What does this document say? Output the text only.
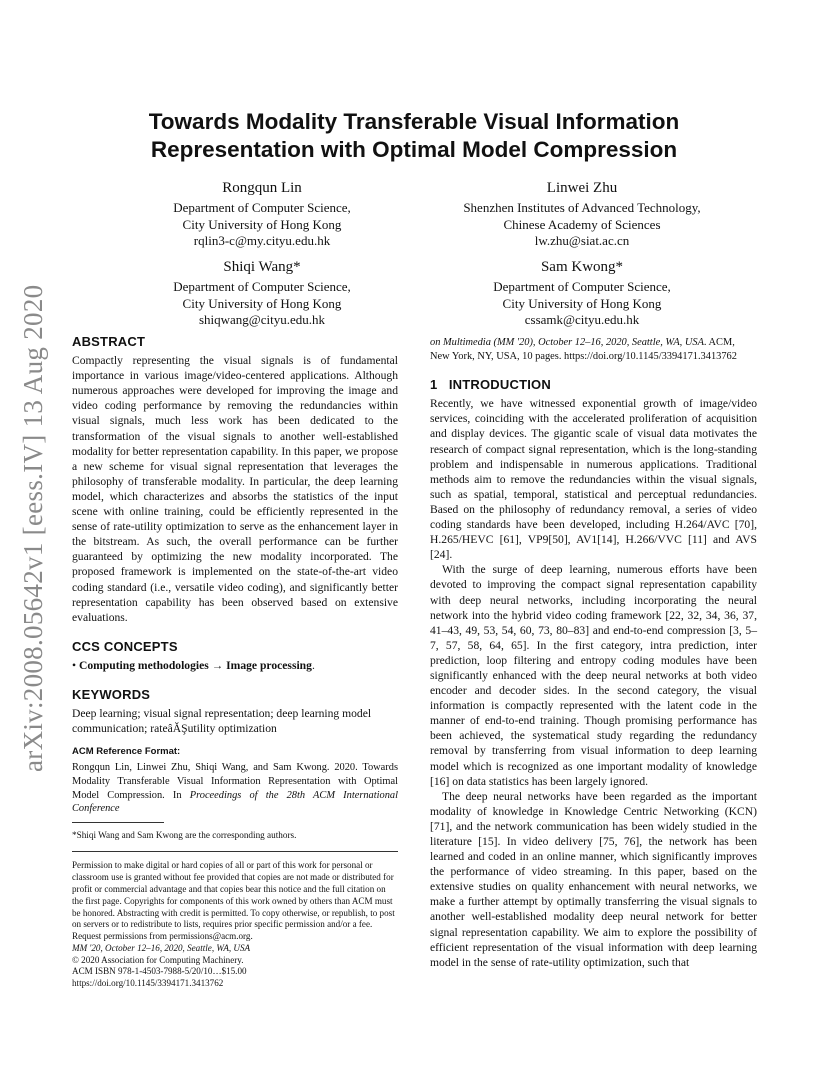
arXiv:2008.05642v1 [eess.IV] 13 Aug 2020
Towards Modality Transferable Visual Information
Representation with Optimal Model Compression
Rongqun Lin
Department of Computer Science,
City University of Hong Kong
rqlin3-c@my.cityu.edu.hk
Linwei Zhu
Shenzhen Institutes of Advanced Technology,
Chinese Academy of Sciences
lw.zhu@siat.ac.cn
Shiqi Wang*
Department of Computer Science,
City University of Hong Kong
shiqwang@cityu.edu.hk
Sam Kwong*
Department of Computer Science,
City University of Hong Kong
cssamk@cityu.edu.hk
ABSTRACT

Compactly representing the visual signals is of fundamental importance in various image/video-centered applications. Although numerous approaches were developed for improving the image and video coding performance by removing the redundancies within visual signals, much less work has been dedicated to the transformation of the visual signals to another well-established modality for better representation capability. In this paper, we propose a new scheme for visual signal representation that leverages the philosophy of transferable modality. In particular, the deep learning model, which characterizes and absorbs the statistics of the input scene with online training, could be efficiently represented in the sense of rate-utility optimization to serve as the enhancement layer in the bitstream. As such, the overall performance can be further guaranteed by optimizing the new modality incorporated. The proposed framework is implemented on the state-of-the-art video coding standard (i.e., versatile video coding), and significantly better representation capability has been observed based on extensive evaluations.

CCS CONCEPTS

• Computing methodologies → Image processing.

KEYWORDS

Deep learning; visual signal representation; deep learning model communication; rateâĂŞutility optimization

ACM Reference Format:

Rongqun Lin, Linwei Zhu, Shiqi Wang, and Sam Kwong. 2020. Towards Modality Transferable Visual Information Representation with Optimal Model Compression. In Proceedings of the 28th ACM International Conference

*Shiqi Wang and Sam Kwong are the corresponding authors.

Permission to make digital or hard copies of all or part of this work for personal or classroom use is granted without fee provided that copies are not made or distributed for profit or commercial advantage and that copies bear this notice and the full citation on the first page. Copyrights for components of this work owned by others than ACM must be honored. Abstracting with credit is permitted. To copy otherwise, or republish, to post on servers or to redistribute to lists, requires prior specific permission and/or a fee. Request permissions from permissions@acm.org.

MM '20, October 12–16, 2020, Seattle, WA, USA

© 2020 Association for Computing Machinery.

ACM ISBN 978-1-4503-7988-5/20/10…$15.00

https://doi.org/10.1145/3394171.3413762

on Multimedia (MM '20), October 12–16, 2020, Seattle, WA, USA. ACM, New York, NY, USA, 10 pages. https://doi.org/10.1145/3394171.3413762

1   INTRODUCTION

Recently, we have witnessed exponential growth of image/video services, coinciding with the accelerated proliferation of acquisition and display devices. The gigantic scale of visual data motivates the research of compact signal representation, which is the long-standing problem and indispensable in numerous applications. Traditional methods aim to remove the redundancies within the visual signals, such as spatial, temporal, statistical and perceptual redundancies. Based on the philosophy of redundancy removal, a series of video coding standards have been developed, including H.264/AVC [70], H.265/HEVC [61], VP9[50], AV1[14], H.266/VVC [11] and AVS [24].

With the surge of deep learning, numerous efforts have been devoted to improving the compact signal representation capability with deep neural networks, including incorporating the neural network into the hybrid video coding framework [22, 32, 34, 36, 37, 41–43, 49, 53, 54, 60, 73, 80–83] and end-to-end compression [3, 5–7, 57, 58, 64, 65]. In the first category, intra prediction, inter prediction, loop filtering and entropy coding modules have been significantly enhanced with the deep neural networks at both video encoder and decoder sides. In the second category, the visual information is compactly represented with the latent code in the manner of end-to-end training. Though promising performance has been achieved, the systematical study regarding the redundancy removal by transferring from visual information to deep learning model which is recognized as one important modality of knowledge [16] on data statistics has been largely ignored.

The deep neural networks have been regarded as the important modality of knowledge in Knowledge Centric Networking (KCN) [71], and the network communication has been widely studied in the literature [15]. In video delivery [75, 76], the network has been learned and coded in an online manner, which significantly improves the performance of video streaming. In this paper, based on the extensive studies on quality enhancement with neural networks, we make a further attempt by optimally transferring the visual signals to another well-established modality deep neural network for better signal representation capability. We aim to explore the possibility of efficient representation of the visual information with deep learning model in the sense of rate-utility optimization, such that
